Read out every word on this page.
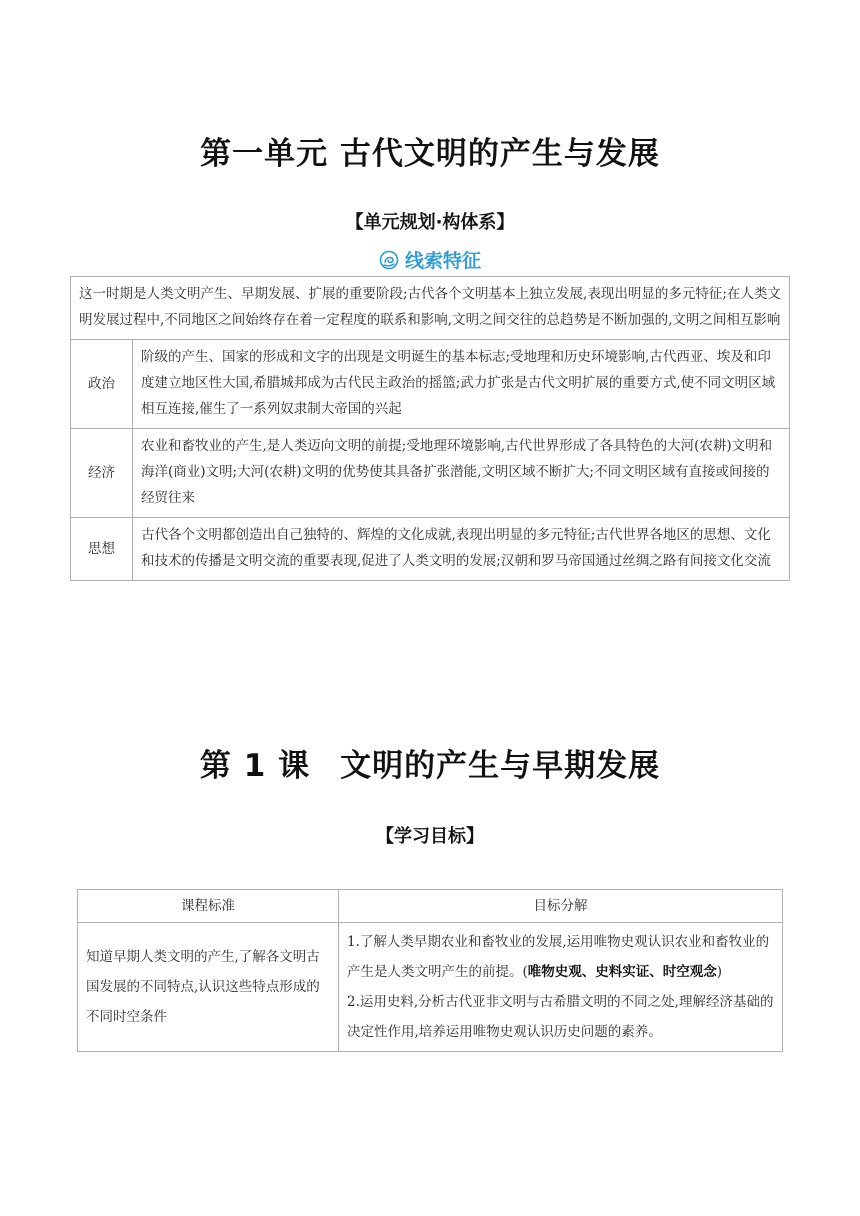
第一单元 古代文明的产生与发展
【单元规划·构体系】
线索特征
这一时期是人类文明产生、早期发展、扩展的重要阶段;古代各个文明基本上独立发展,表现出明显的多元特征;在人类文明发展过程中,不同地区之间始终存在着一定程度的联系和影响,文明之间交往的总趋势是不断加强的,文明之间相互影响	
政治	阶级的产生、国家的形成和文字的出现是文明诞生的基本标志;受地理和历史环境影响,古代西亚、埃及和印度建立地区性大国,希腊城邦成为古代民主政治的摇篮;武力扩张是古代文明扩展的重要方式,使不同文明区域相互连接,催生了一系列奴隶制大帝国的兴起
经济	农业和畜牧业的产生,是人类迈向文明的前提;受地理环境影响,古代世界形成了各具特色的大河(农耕)文明和海洋(商业)文明;大河(农耕)文明的优势使其具备扩张潜能,文明区域不断扩大;不同文明区域有直接或间接的经贸往来
思想	古代各个文明都创造出自己独特的、辉煌的文化成就,表现出明显的多元特征;古代世界各地区的思想、文化和技术的传播是文明交流的重要表现,促进了人类文明的发展;汉朝和罗马帝国通过丝绸之路有间接文化交流
第 1 课 文明的产生与早期发展
【学习目标】
课程标准	目标分解
知道早期人类文明的产生,了解各文明古国发展的不同特点,认识这些特点形成的不同时空条件	1.了解人类早期农业和畜牧业的发展,运用唯物史观认识农业和畜牧业的产生是人类文明产生的前提。(唯物史观、史料实证、时空观念)

2.运用史料,分析古代亚非文明与古希腊文明的不同之处,理解经济基础的决定性作用,培养运用唯物史观认识历史问题的素养。
